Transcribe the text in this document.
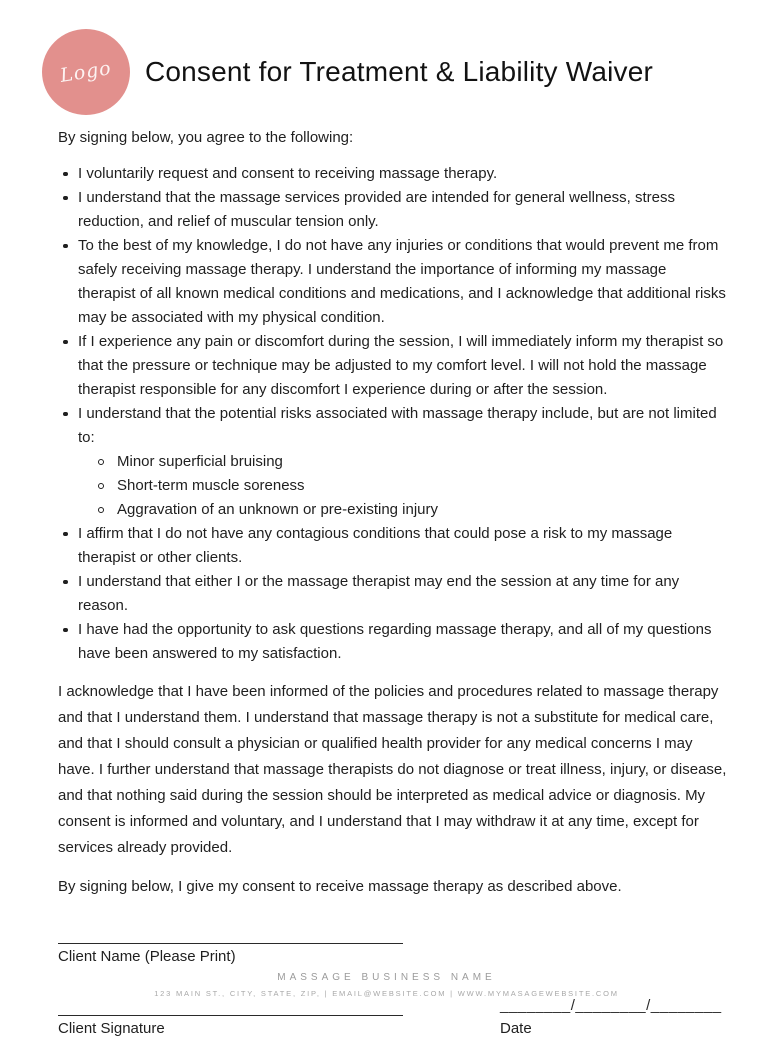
Logo	Consent for Treatment & Liability Waiver

By signing below, you agree to the following:

I voluntarily request and consent to receiving massage therapy.
I understand that the massage services provided are intended for general wellness, stress reduction, and relief of muscular tension only.
To the best of my knowledge, I do not have any injuries or conditions that would prevent me from safely receiving massage therapy. I understand the importance of informing my massage therapist of all known medical conditions and medications, and I acknowledge that additional risks may be associated with my physical condition.
If I experience any pain or discomfort during the session, I will immediately inform my therapist so that the pressure or technique may be adjusted to my comfort level. I will not hold the massage therapist responsible for any discomfort I experience during or after the session.
I understand that the potential risks associated with massage therapy include, but are not limited to:
Minor superficial bruising
Short-term muscle soreness
Aggravation of an unknown or pre-existing injury
I affirm that I do not have any contagious conditions that could pose a risk to my massage therapist or other clients.
I understand that either I or the massage therapist may end the session at any time for any reason.
I have had the opportunity to ask questions regarding massage therapy, and all of my questions have been answered to my satisfaction.

I acknowledge that I have been informed of the policies and procedures related to massage therapy and that I understand them. I understand that massage therapy is not a substitute for medical care, and that I should consult a physician or qualified health provider for any medical concerns I may have. I further understand that massage therapists do not diagnose or treat illness, injury, or disease, and that nothing said during the session should be interpreted as medical advice or diagnosis. My consent is informed and voluntary, and I understand that I may withdraw it at any time, except for services already provided.

By signing below, I give my consent to receive massage therapy as described above.

Client Name (Please Print)
Client Signature
________/________/________
Date
MASSAGE BUSINESS NAME
123 MAIN ST., CITY, STATE, ZIP, | EMAIL@WEBSITE.COM | WWW.MYMASAGEWEBSITE.COM
